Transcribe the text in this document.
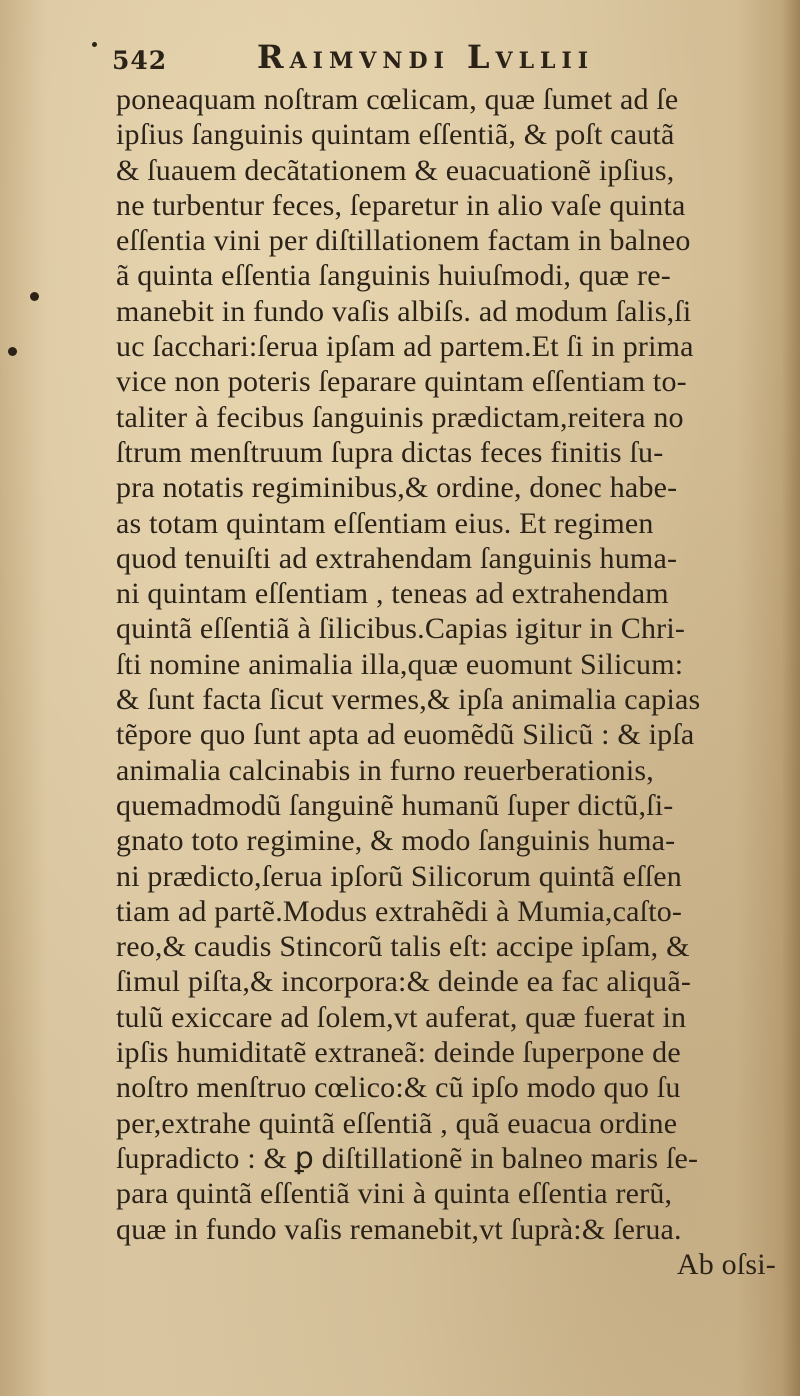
542	Raimvndi Lvllii
poneaquam noſtram cœlicam, quæ ſumet ad ſe
ipſius ſanguinis quintam eſſentiã, & poſt cautã
& ſuauem decãtationem & euacuationẽ ipſius,
ne turbentur feces, ſeparetur in alio vaſe quinta
eſſentia vini per diſtillationem factam in balneo
ã quinta eſſentia ſanguinis huiuſmodi, quæ re-
manebit in fundo vaſis albiſs. ad modum ſalis,ſi
uc ſacchari:ſerua ipſam ad partem.Et ſi in prima
vice non poteris ſeparare quintam eſſentiam to-
taliter à fecibus ſanguinis prædictam,reitera no
ſtrum menſtruum ſupra dictas feces finitis ſu-
pra notatis regiminibus,& ordine, donec habe-
as totam quintam eſſentiam eius. Et regimen
quod tenuiſti ad extrahendam ſanguinis huma-
ni quintam eſſentiam , teneas ad extrahendam
quintã eſſentiã à ſilicibus.Capias igitur in Chri-
ſti nomine animalia illa,quæ euomunt Silicum:
& ſunt facta ſicut vermes,& ipſa animalia capias
tẽpore quo ſunt apta ad euomẽdũ Silicũ : & ipſa
animalia calcinabis in furno reuerberationis,
quemadmodũ ſanguinẽ humanũ ſuper dictũ,ſi-
gnato toto regimine, & modo ſanguinis huma-
ni prædicto,ſerua ipſorũ Silicorum quintã eſſen
tiam ad partẽ.Modus extrahẽdi à Mumia,caſto-
reo,& caudis Stincorũ talis eſt: accipe ipſam, &
ſimul piſta,& incorpora:& deinde ea fac aliquã-
tulũ exiccare ad ſolem,vt auferat, quæ fuerat in
ipſis humiditatẽ extraneã: deinde ſuperpone de
noſtro menſtruo cœlico:& cũ ipſo modo quo ſu
per,extrahe quintã eſſentiã , quã euacua ordine
ſupradicto : & ꝑ diſtillationẽ in balneo maris ſe-
para quintã eſſentiã vini à quinta eſſentia rerũ,
quæ in fundo vaſis remanebit,vt ſuprà:& ſerua.
Ab oſsi-
